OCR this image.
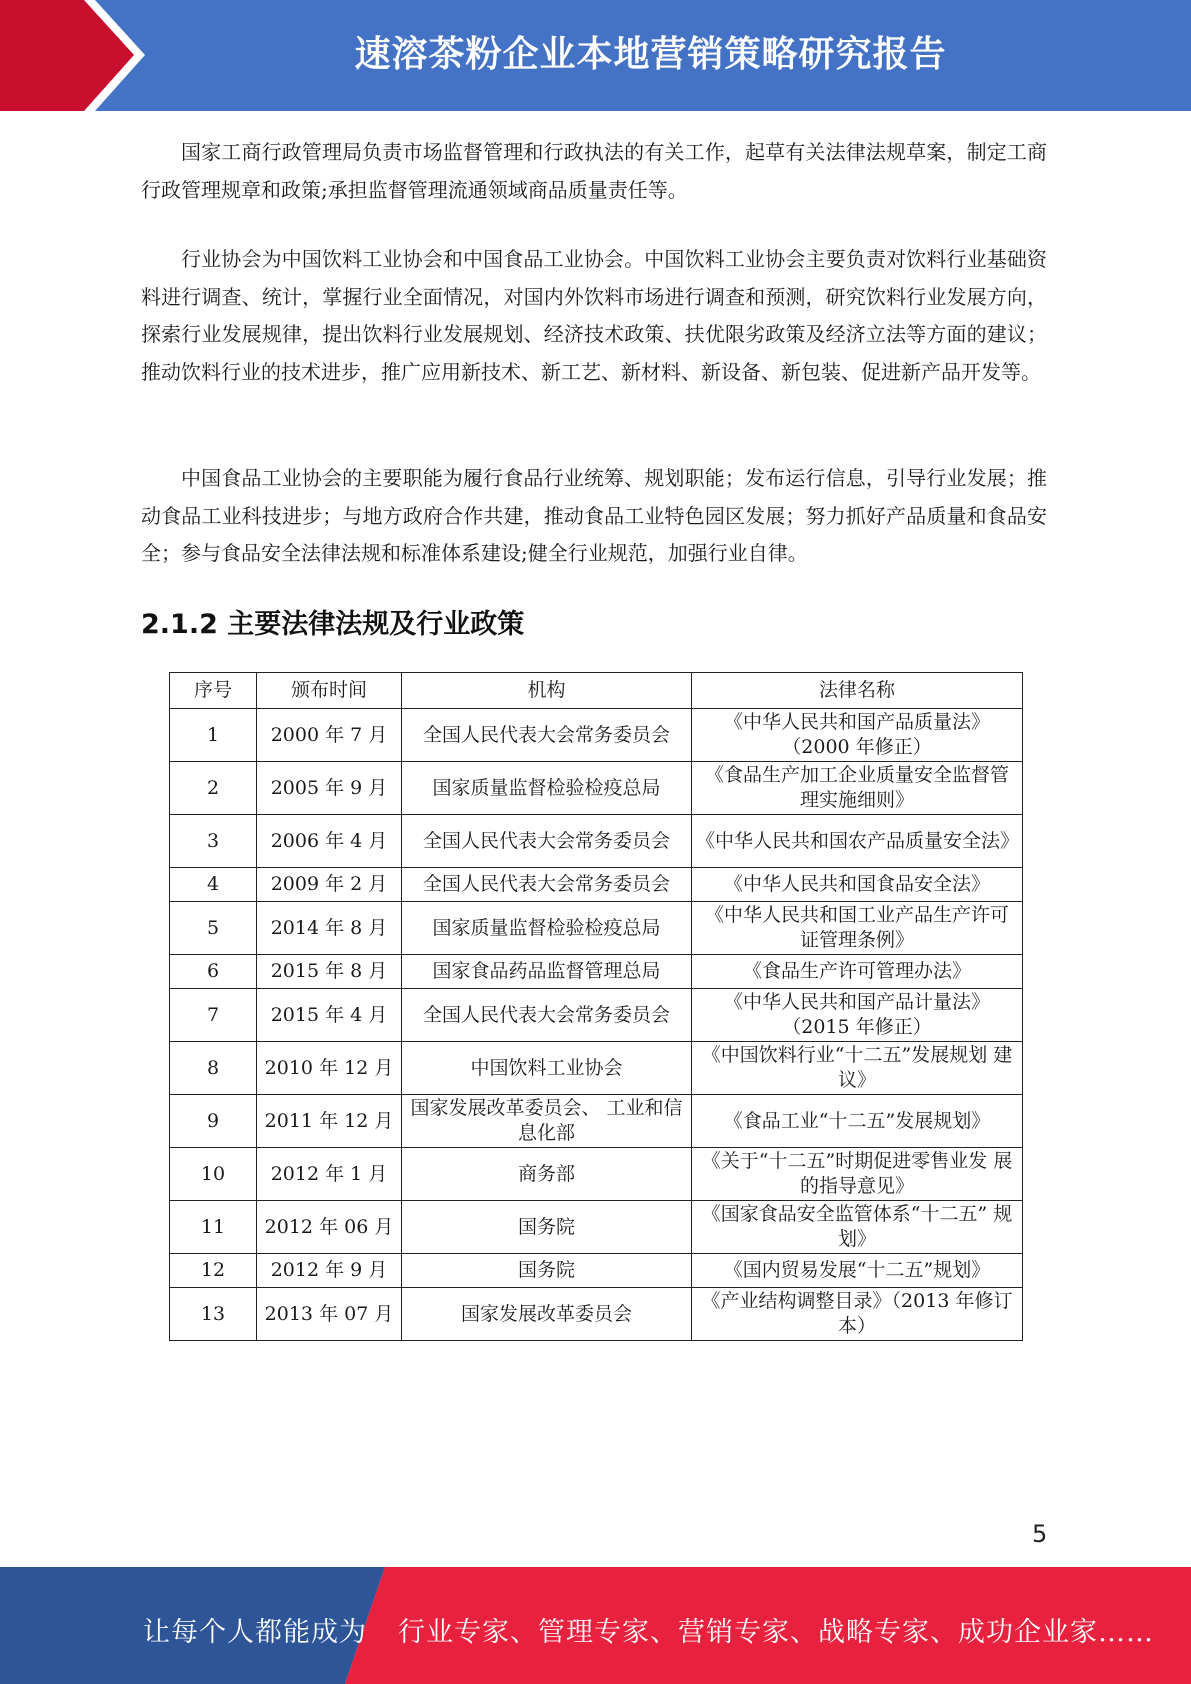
速溶茶粉企业本地营销策略研究报告

国家工商行政管理局负责市场监督管理和行政执法的有关工作，起草有关法律法规草案，制定工商行政管理规章和政策;承担监督管理流通领域商品质量责任等。

行业协会为中国饮料工业协会和中国食品工业协会。中国饮料工业协会主要负责对饮料行业基础资料进行调查、统计，掌握行业全面情况，对国内外饮料市场进行调查和预测，研究饮料行业发展方向，探索行业发展规律，提出饮料行业发展规划、经济技术政策、扶优限劣政策及经济立法等方面的建议；推动饮料行业的技术进步，推广应用新技术、新工艺、新材料、新设备、新包装、促进新产品开发等。

中国食品工业协会的主要职能为履行食品行业统筹、规划职能；发布运行信息，引导行业发展；推动食品工业科技进步；与地方政府合作共建，推动食品工业特色园区发展；努力抓好产品质量和食品安全；参与食品安全法律法规和标准体系建设;健全行业规范，加强行业自律。

2.1.2 主要法律法规及行业政策
序号	颁布时间	机构	法律名称
1	2000 年 7 月	全国人民代表大会常务委员会	《中华人民共和国产品质量法》（2000 年修正）
2	2005 年 9 月	国家质量监督检验检疫总局	《食品生产加工企业质量安全监督管理实施细则》
3	2006 年 4 月	全国人民代表大会常务委员会	《中华人民共和国农产品质量安全法》
4	2009 年 2 月	全国人民代表大会常务委员会	《中华人民共和国食品安全法》
5	2014 年 8 月	国家质量监督检验检疫总局	《中华人民共和国工业产品生产许可证管理条例》
6	2015 年 8 月	国家食品药品监督管理总局	《食品生产许可管理办法》
7	2015 年 4 月	全国人民代表大会常务委员会	《中华人民共和国产品计量法》（2015 年修正）
8	2010 年 12 月	中国饮料工业协会	《中国饮料行业“十二五”发展规划 建议》
9	2011 年 12 月	国家发展改革委员会、 工业和信息化部	《食品工业“十二五”发展规划》
10	2012 年 1 月	商务部	《关于“十二五”时期促进零售业发 展的指导意见》
11	2012 年 06 月	国务院	《国家食品安全监管体系“十二五” 规划》
12	2012 年 9 月	国务院	《国内贸易发展“十二五”规划》
13	2013 年 07 月	国家发展改革委员会	《产业结构调整目录》（2013 年修订本）
5
让每个人都能成为 行业专家、管理专家、营销专家、战略专家、成功企业家……
